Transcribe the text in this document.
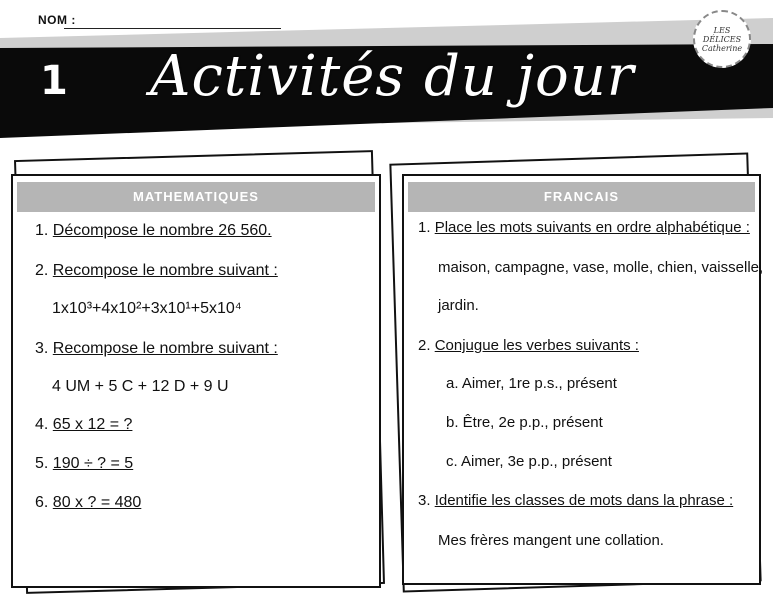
NOM :
LES DÉLICES Catherine
1 Activités du jour
MATHEMATIQUES
1. Décompose le nombre 26 560.
2. Recompose le nombre suivant :
1x10³+4x10²+3x10¹+5x10⁴
3. Recompose le nombre suivant :
4 UM + 5 C + 12 D + 9 U
4. 65 x 12 = ?
5. 190 ÷ ? = 5
6. 80 x ? = 480
FRANCAIS
1. Place les mots suivants en ordre alphabétique :
maison, campagne, vase, molle, chien, vaisselle,
jardin.
2. Conjugue les verbes suivants :
a. Aimer, 1re p.s., présent
b. Être, 2e p.p., présent
c. Aimer, 3e p.p., présent
3. Identifie les classes de mots dans la phrase :
Mes frères mangent une collation.
